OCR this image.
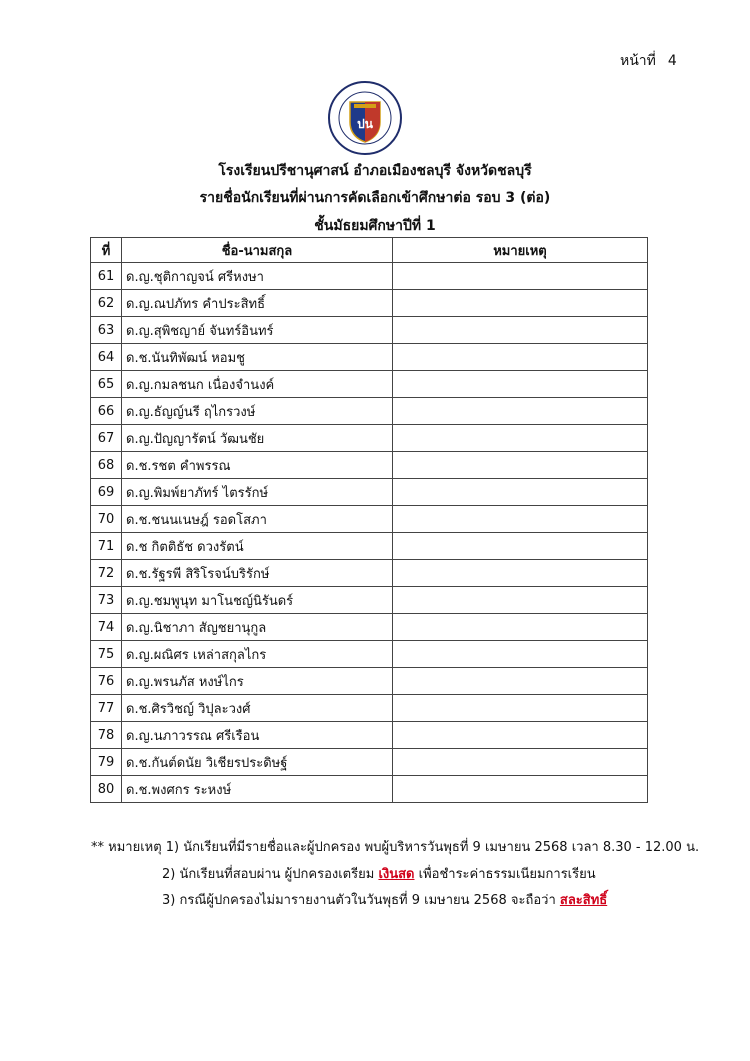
หน้าที่ 4
ปน
โรงเรียนปรีชานุศาสน์ อำภอเมืองชลบุรี จังหวัดชลบุรี
รายชื่อนักเรียนที่ผ่านการคัดเลือกเข้าศึกษาต่อ รอบ 3 (ต่อ)
ชั้นมัธยมศึกษาปีที่ 1
ที่	ชื่อ-นามสกุล	หมายเหตุ
61	ด.ญ.ชุติกาญจน์ ศรีหงษา	
62	ด.ญ.ณปภัทร คำประสิทธิ์	
63	ด.ญ.สุพิชญาย์ จันทร์อินทร์	
64	ด.ช.นันทิพัฒน์ หอมชู	
65	ด.ญ.กมลชนก เนื่องจำนงค์	
66	ด.ญ.ธัญญ์นรี ฤไกรวงษ์	
67	ด.ญ.ปัญญารัตน์ วัฒนชัย	
68	ด.ช.รชต คำพรรณ	
69	ด.ญ.พิมพ์ยาภัทร์ ไตรรักษ์	
70	ด.ช.ชนนเนษฎ์ รอดโสภา	
71	ด.ช กิตติธัช ดวงรัตน์	
72	ด.ช.รัฐรพี สิริโรจน์บริรักษ์	
73	ด.ญ.ชมพูนุท มาโนชญ์นิรันดร์	
74	ด.ญ.นิชาภา สัญชยานุกูล	
75	ด.ญ.ผณิศร เหล่าสกุลไกร	
76	ด.ญ.พรนภัส หงษ์ไกร	
77	ด.ช.ศิรวิชญ์ วิปุละวงศ์	
78	ด.ญ.นภาวรรณ ศรีเรือน	
79	ด.ช.กันต์ดนัย วิเชียรประดิษฐ์	
80	ด.ช.พงศกร ระหงษ์	
** หมายเหตุ 1) นักเรียนที่มีรายชื่อและผู้ปกครอง พบผู้บริหารวันพุธที่ 9 เมษายน 2568 เวลา 8.30 - 12.00 น.
2) นักเรียนที่สอบผ่าน ผู้ปกครองเตรียม เงินสด เพื่อชำระค่าธรรมเนียมการเรียน
3) กรณีผู้ปกครองไม่มารายงานตัวในวันพุธที่ 9 เมษายน 2568 จะถือว่า สละสิทธิ์
